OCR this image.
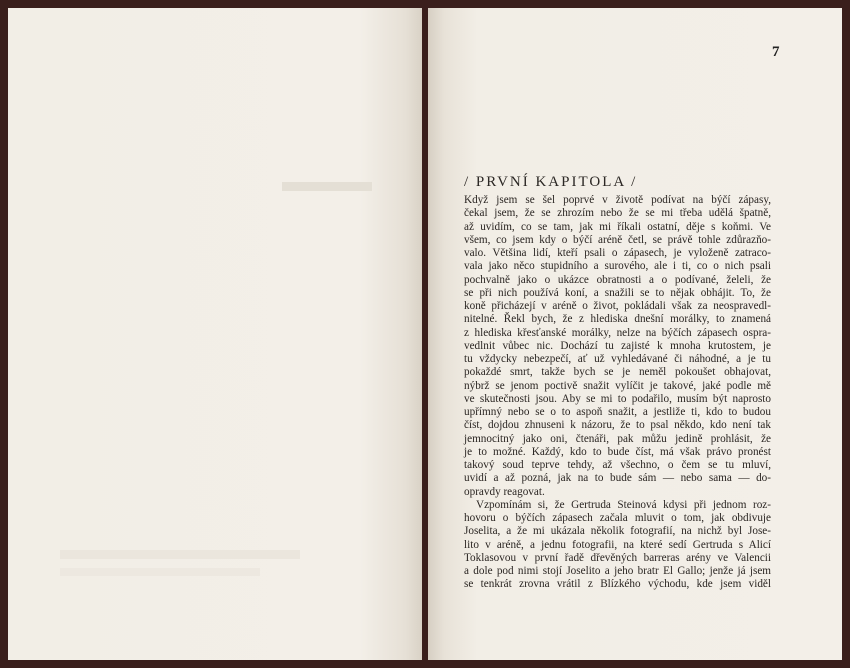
7
/ PRVNÍ KAPITOLA /
Když jsem se šel poprvé v životě podívat na býčí zápasy,
čekal jsem, že se zhrozím nebo že se mi třeba udělá špatně,
až uvidím, co se tam, jak mi říkali ostatní, děje s koňmi. Ve
všem, co jsem kdy o býčí aréně četl, se právě tohle zdůrazňo-
valo. Většina lidí, kteří psali o zápasech, je vyloženě zatraco-
vala jako něco stupidního a surového, ale i ti, co o nich psali
pochvalně jako o ukázce obratnosti a o podívané, želeli, že
se při nich používá koní, a snažili se to nějak obhájit. To, že
koně přicházejí v aréně o život, pokládali však za neospravedl-
nitelné. Řekl bych, že z hlediska dnešní morálky, to znamená
z hlediska křesťanské morálky, nelze na býčích zápasech ospra-
vedlnit vůbec nic. Dochází tu zajisté k mnoha krutostem, je
tu vždycky nebezpečí, ať už vyhledávané či náhodné, a je tu
pokaždé smrt, takže bych se je neměl pokoušet obhajovat,
nýbrž se jenom poctivě snažit vylíčit je takové, jaké podle mě
ve skutečnosti jsou. Aby se mi to podařilo, musím být naprosto
upřímný nebo se o to aspoň snažit, a jestliže ti, kdo to budou
číst, dojdou zhnuseni k názoru, že to psal někdo, kdo není tak
jemnocitný jako oni, čtenáři, pak můžu jedině prohlásit, že
je to možné. Každý, kdo to bude číst, má však právo pronést
takový soud teprve tehdy, až všechno, o čem se tu mluví,
uvidí a až pozná, jak na to bude sám — nebo sama — do-
opravdy reagovat.
Vzpomínám si, že Gertruda Steinová kdysi při jednom roz-
hovoru o býčích zápasech začala mluvit o tom, jak obdivuje
Joselita, a že mi ukázala několik fotografií, na nichž byl Jose-
lito v aréně, a jednu fotografii, na které sedí Gertruda s Alicí
Toklasovou v první řadě dřevěných barreras arény ve Valencii
a dole pod nimi stojí Joselito a jeho bratr El Gallo; jenže já jsem
se tenkrát zrovna vrátil z Blízkého východu, kde jsem viděl
